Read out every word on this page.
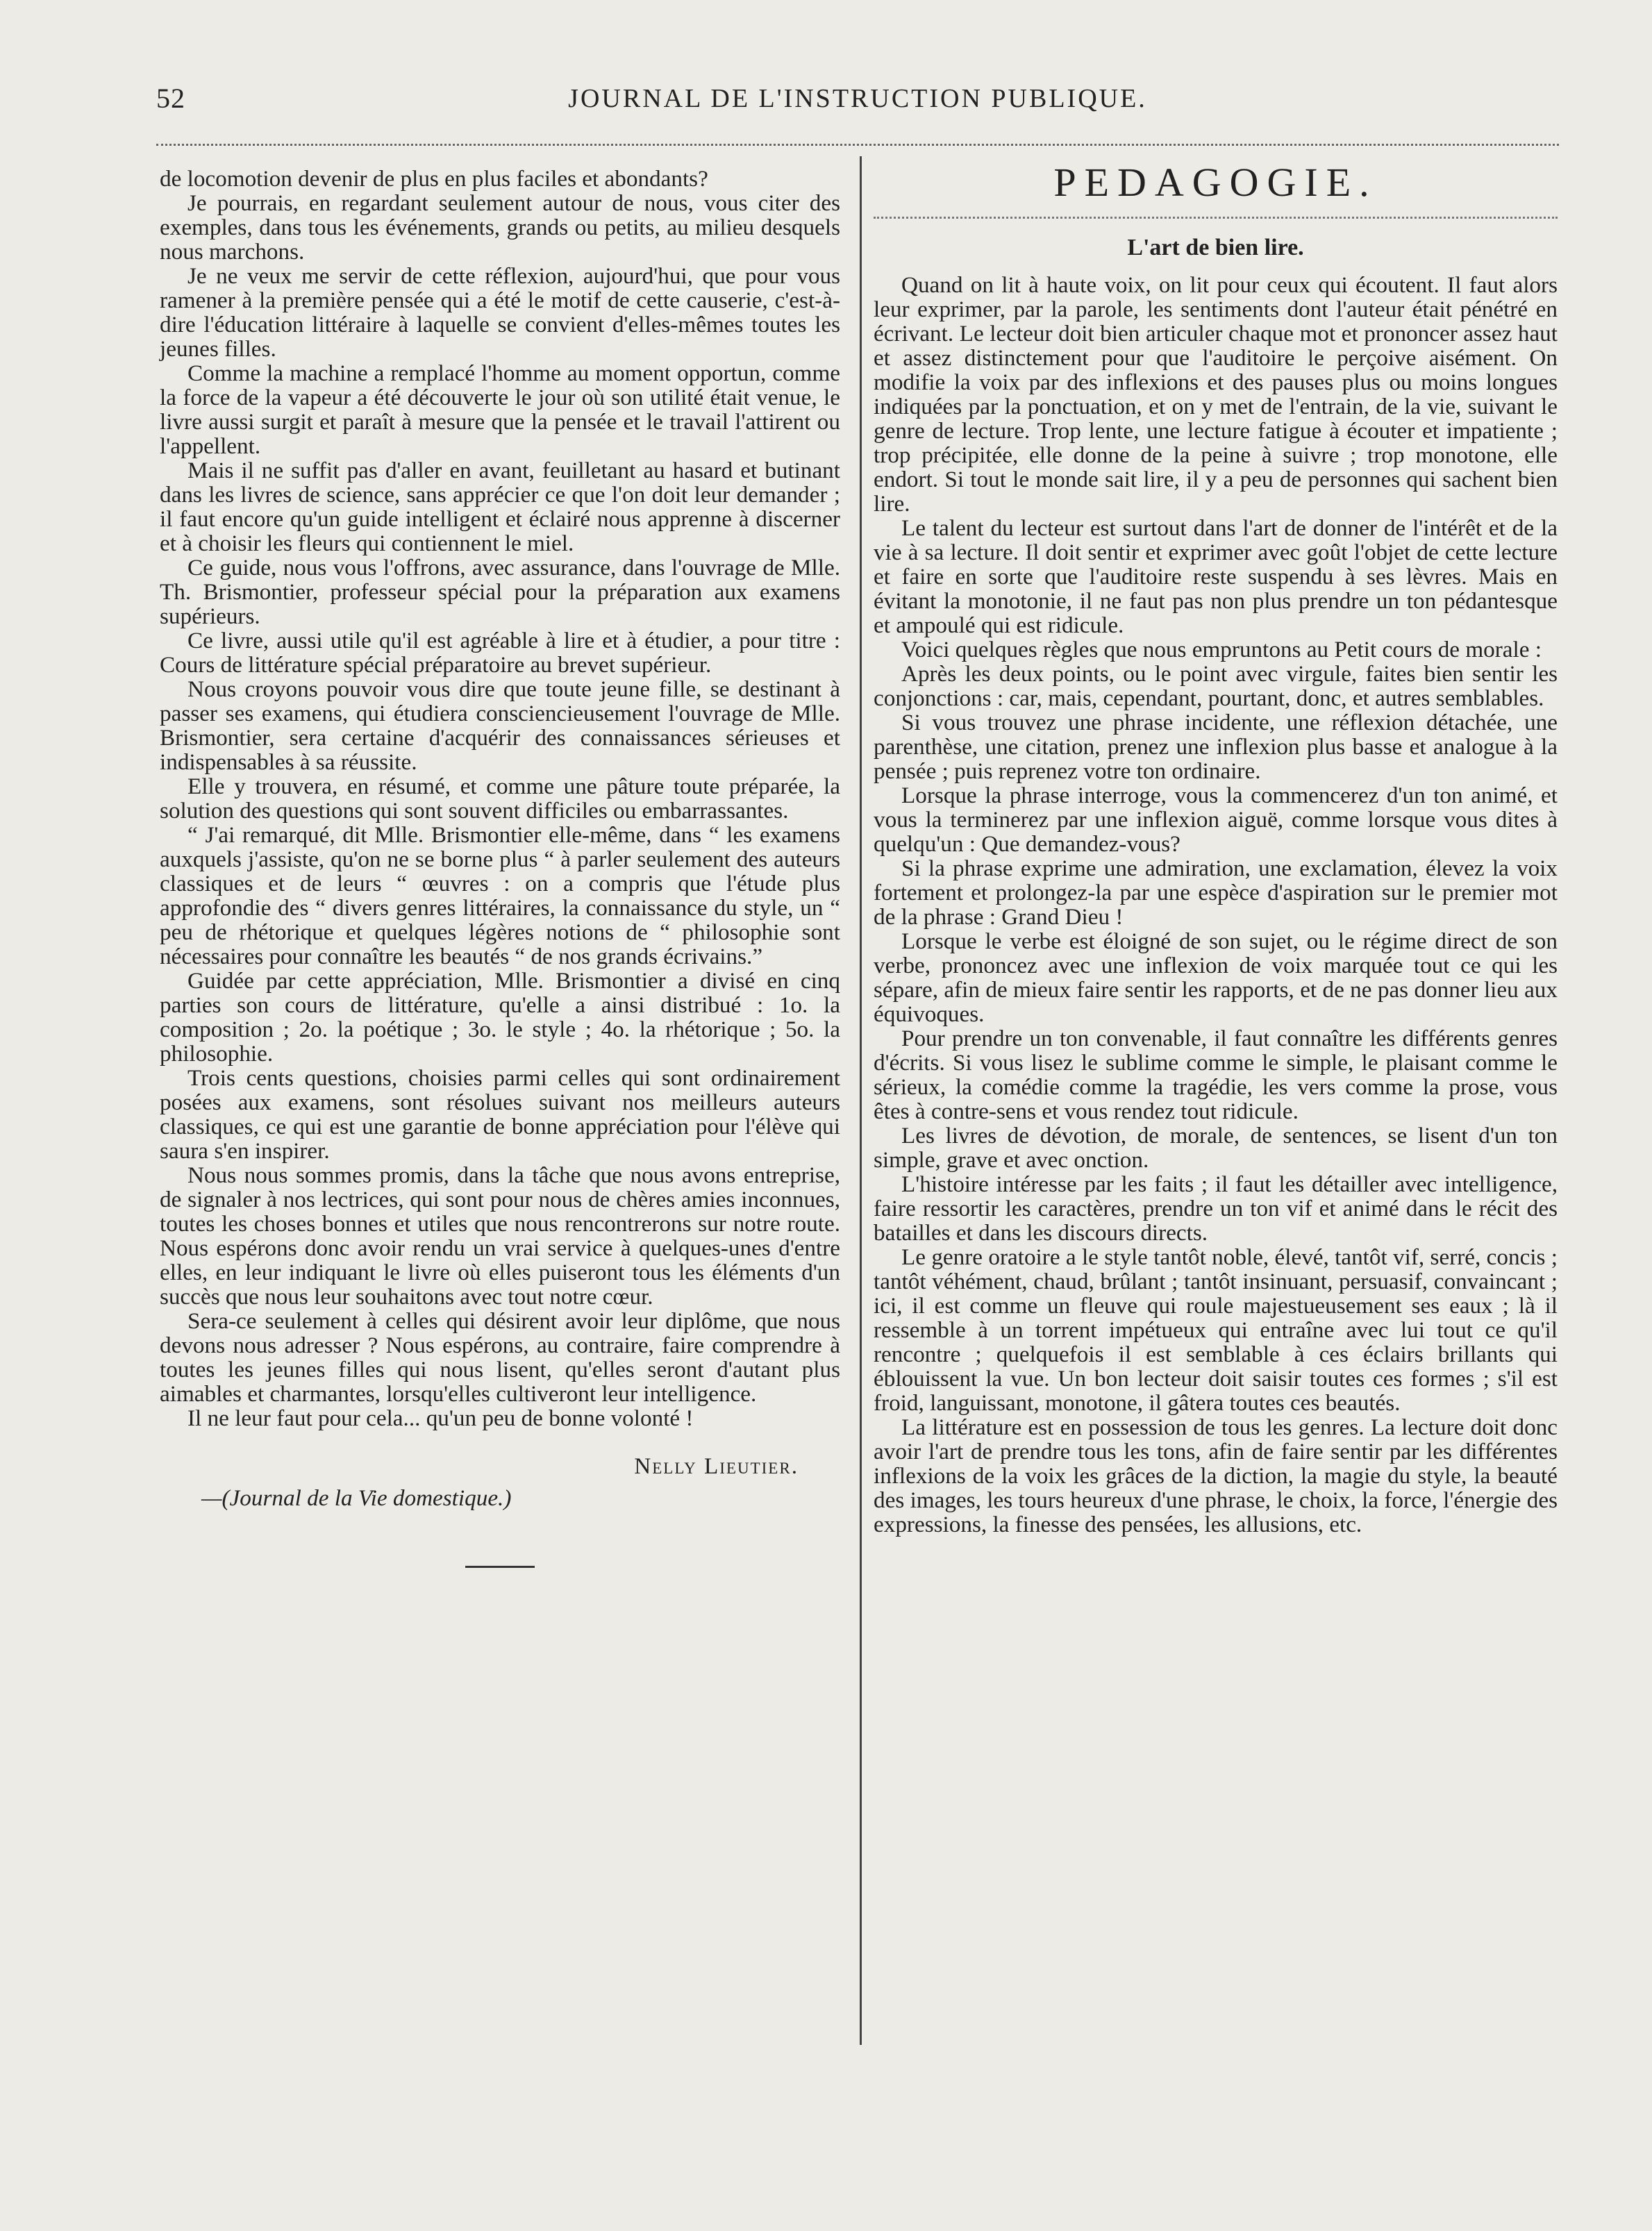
52	JOURNAL DE L'INSTRUCTION PUBLIQUE.

de locomotion devenir de plus en plus faciles et abondants?

Je pourrais, en regardant seulement autour de nous, vous citer des exemples, dans tous les événements, grands ou petits, au milieu desquels nous marchons.

Je ne veux me servir de cette réflexion, aujourd'hui, que pour vous ramener à la première pensée qui a été le motif de cette causerie, c'est-à-dire l'éducation littéraire à laquelle se convient d'elles-mêmes toutes les jeunes filles.

Comme la machine a remplacé l'homme au moment opportun, comme la force de la vapeur a été découverte le jour où son utilité était venue, le livre aussi surgit et paraît à mesure que la pensée et le travail l'attirent ou l'appellent.

Mais il ne suffit pas d'aller en avant, feuilletant au hasard et butinant dans les livres de science, sans apprécier ce que l'on doit leur demander ; il faut encore qu'un guide intelligent et éclairé nous apprenne à discerner et à choisir les fleurs qui contiennent le miel.

Ce guide, nous vous l'offrons, avec assurance, dans l'ouvrage de Mlle. Th. Brismontier, professeur spécial pour la préparation aux examens supérieurs.

Ce livre, aussi utile qu'il est agréable à lire et à étudier, a pour titre : Cours de littérature spécial préparatoire au brevet supérieur.

Nous croyons pouvoir vous dire que toute jeune fille, se destinant à passer ses examens, qui étudiera consciencieusement l'ouvrage de Mlle. Brismontier, sera certaine d'acquérir des connaissances sérieuses et indispensables à sa réussite.

Elle y trouvera, en résumé, et comme une pâture toute préparée, la solution des questions qui sont souvent difficiles ou embarrassantes.

“ J'ai remarqué, dit Mlle. Brismontier elle-même, dans “ les examens auxquels j'assiste, qu'on ne se borne plus “ à parler seulement des auteurs classiques et de leurs “ œuvres : on a compris que l'étude plus approfondie des “ divers genres littéraires, la connaissance du style, un “ peu de rhétorique et quelques légères notions de “ philosophie sont nécessaires pour connaître les beautés “ de nos grands écrivains.”

Guidée par cette appréciation, Mlle. Brismontier a divisé en cinq parties son cours de littérature, qu'elle a ainsi distribué : 1o. la composition ; 2o. la poétique ; 3o. le style ; 4o. la rhétorique ; 5o. la philosophie.

Trois cents questions, choisies parmi celles qui sont ordinairement posées aux examens, sont résolues suivant nos meilleurs auteurs classiques, ce qui est une garantie de bonne appréciation pour l'élève qui saura s'en inspirer.

Nous nous sommes promis, dans la tâche que nous avons entreprise, de signaler à nos lectrices, qui sont pour nous de chères amies inconnues, toutes les choses bonnes et utiles que nous rencontrerons sur notre route. Nous espérons donc avoir rendu un vrai service à quelques-unes d'entre elles, en leur indiquant le livre où elles puiseront tous les éléments d'un succès que nous leur souhaitons avec tout notre cœur.

Sera-ce seulement à celles qui désirent avoir leur diplôme, que nous devons nous adresser ? Nous espérons, au contraire, faire comprendre à toutes les jeunes filles qui nous lisent, qu'elles seront d'autant plus aimables et charmantes, lorsqu'elles cultiveront leur intelligence.

Il ne leur faut pour cela... qu'un peu de bonne volonté !

Nelly Lieutier.

—(Journal de la Vie domestique.)

PEDAGOGIE.
L'art de bien lire.

Quand on lit à haute voix, on lit pour ceux qui écoutent. Il faut alors leur exprimer, par la parole, les sentiments dont l'auteur était pénétré en écrivant. Le lecteur doit bien articuler chaque mot et prononcer assez haut et assez distinctement pour que l'auditoire le perçoive aisément. On modifie la voix par des inflexions et des pauses plus ou moins longues indiquées par la ponctuation, et on y met de l'entrain, de la vie, suivant le genre de lecture. Trop lente, une lecture fatigue à écouter et impatiente ; trop précipitée, elle donne de la peine à suivre ; trop monotone, elle endort. Si tout le monde sait lire, il y a peu de personnes qui sachent bien lire.

Le talent du lecteur est surtout dans l'art de donner de l'intérêt et de la vie à sa lecture. Il doit sentir et exprimer avec goût l'objet de cette lecture et faire en sorte que l'auditoire reste suspendu à ses lèvres. Mais en évitant la monotonie, il ne faut pas non plus prendre un ton pédantesque et ampoulé qui est ridicule.

Voici quelques règles que nous empruntons au Petit cours de morale :

Après les deux points, ou le point avec virgule, faites bien sentir les conjonctions : car, mais, cependant, pourtant, donc, et autres semblables.

Si vous trouvez une phrase incidente, une réflexion détachée, une parenthèse, une citation, prenez une inflexion plus basse et analogue à la pensée ; puis reprenez votre ton ordinaire.

Lorsque la phrase interroge, vous la commencerez d'un ton animé, et vous la terminerez par une inflexion aiguë, comme lorsque vous dites à quelqu'un : Que demandez-vous?

Si la phrase exprime une admiration, une exclamation, élevez la voix fortement et prolongez-la par une espèce d'aspiration sur le premier mot de la phrase : Grand Dieu !

Lorsque le verbe est éloigné de son sujet, ou le régime direct de son verbe, prononcez avec une inflexion de voix marquée tout ce qui les sépare, afin de mieux faire sentir les rapports, et de ne pas donner lieu aux équivoques.

Pour prendre un ton convenable, il faut connaître les différents genres d'écrits. Si vous lisez le sublime comme le simple, le plaisant comme le sérieux, la comédie comme la tragédie, les vers comme la prose, vous êtes à contre-sens et vous rendez tout ridicule.

Les livres de dévotion, de morale, de sentences, se lisent d'un ton simple, grave et avec onction.

L'histoire intéresse par les faits ; il faut les détailler avec intelligence, faire ressortir les caractères, prendre un ton vif et animé dans le récit des batailles et dans les discours directs.

Le genre oratoire a le style tantôt noble, élevé, tantôt vif, serré, concis ; tantôt véhément, chaud, brûlant ; tantôt insinuant, persuasif, convaincant ; ici, il est comme un fleuve qui roule majestueusement ses eaux ; là il ressemble à un torrent impétueux qui entraîne avec lui tout ce qu'il rencontre ; quelquefois il est semblable à ces éclairs brillants qui éblouissent la vue. Un bon lecteur doit saisir toutes ces formes ; s'il est froid, languissant, monotone, il gâtera toutes ces beautés.

La littérature est en possession de tous les genres. La lecture doit donc avoir l'art de prendre tous les tons, afin de faire sentir par les différentes inflexions de la voix les grâces de la diction, la magie du style, la beauté des images, les tours heureux d'une phrase, le choix, la force, l'énergie des expressions, la finesse des pensées, les allusions, etc.
